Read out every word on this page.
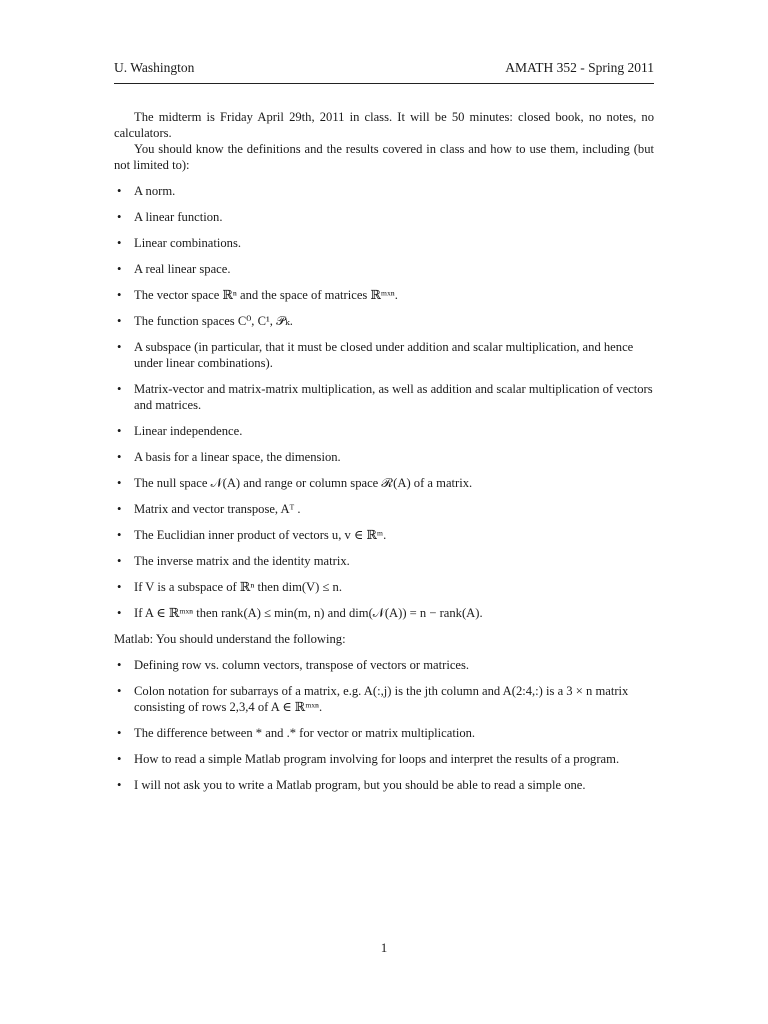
U. Washington	AMATH 352 - Spring 2011

The midterm is Friday April 29th, 2011 in class. It will be 50 minutes: closed book, no notes, no calculators.

You should know the definitions and the results covered in class and how to use them, including (but not limited to):

• A norm.
• A linear function.
• Linear combinations.
• A real linear space.
• The vector space ℝⁿ and the space of matrices ℝᵐˣⁿ.
• The function spaces C⁰, C¹, 𝒫ₖ.
• A subspace (in particular, that it must be closed under addition and scalar multiplication, and hence under linear combinations).
• Matrix-vector and matrix-matrix multiplication, as well as addition and scalar multiplication of vectors and matrices.
• Linear independence.
• A basis for a linear space, the dimension.
• The null space 𝒩(A) and range or column space ℛ(A) of a matrix.
• Matrix and vector transpose, Aᵀ .
• The Euclidian inner product of vectors u, v ∈ ℝᵐ.
• The inverse matrix and the identity matrix.
• If V is a subspace of ℝⁿ then dim(V) ≤ n.
• If A ∈ ℝᵐˣⁿ then rank(A) ≤ min(m, n) and dim(𝒩(A)) = n − rank(A).

Matlab: You should understand the following:

• Defining row vs. column vectors, transpose of vectors or matrices.
• Colon notation for subarrays of a matrix, e.g. A(:,j) is the jth column and A(2:4,:) is a 3 × n matrix consisting of rows 2,3,4 of A ∈ ℝᵐˣⁿ.
• The difference between * and .* for vector or matrix multiplication.
• How to read a simple Matlab program involving for loops and interpret the results of a program.
• I will not ask you to write a Matlab program, but you should be able to read a simple one.
1
